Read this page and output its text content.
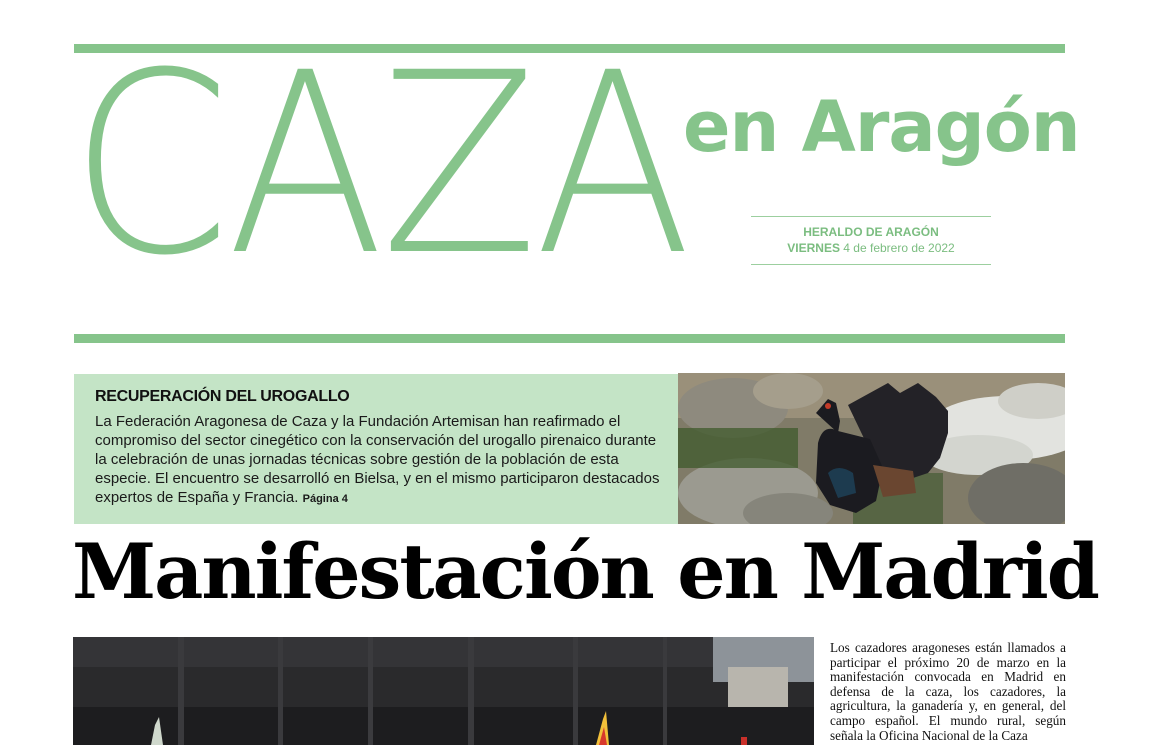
CAZA
en Aragón
HERALDO DE ARAGÓN
VIERNES 4 de febrero de 2022
RECUPERACIÓN DEL UROGALLO

La Federación Aragonesa de Caza y la Fundación Artemisan han reafirmado el compromiso del sector cinegético con la conservación del urogallo pirenaico durante la celebración de unas jornadas técnicas sobre gestión de la población de esta especie. El encuentro se desarrolló en Bielsa, y en el mismo participaron destacados expertos de España y Francia. Página 4

Manifestación en Madrid
Los cazadores aragoneses están llamados a participar el próximo 20 de marzo en la manifestación convocada en Madrid en defensa de la caza, los cazadores, la agricultura, la ganadería y, en general, del campo español. El mundo rural, según señala la Oficina Nacional de la Caza
